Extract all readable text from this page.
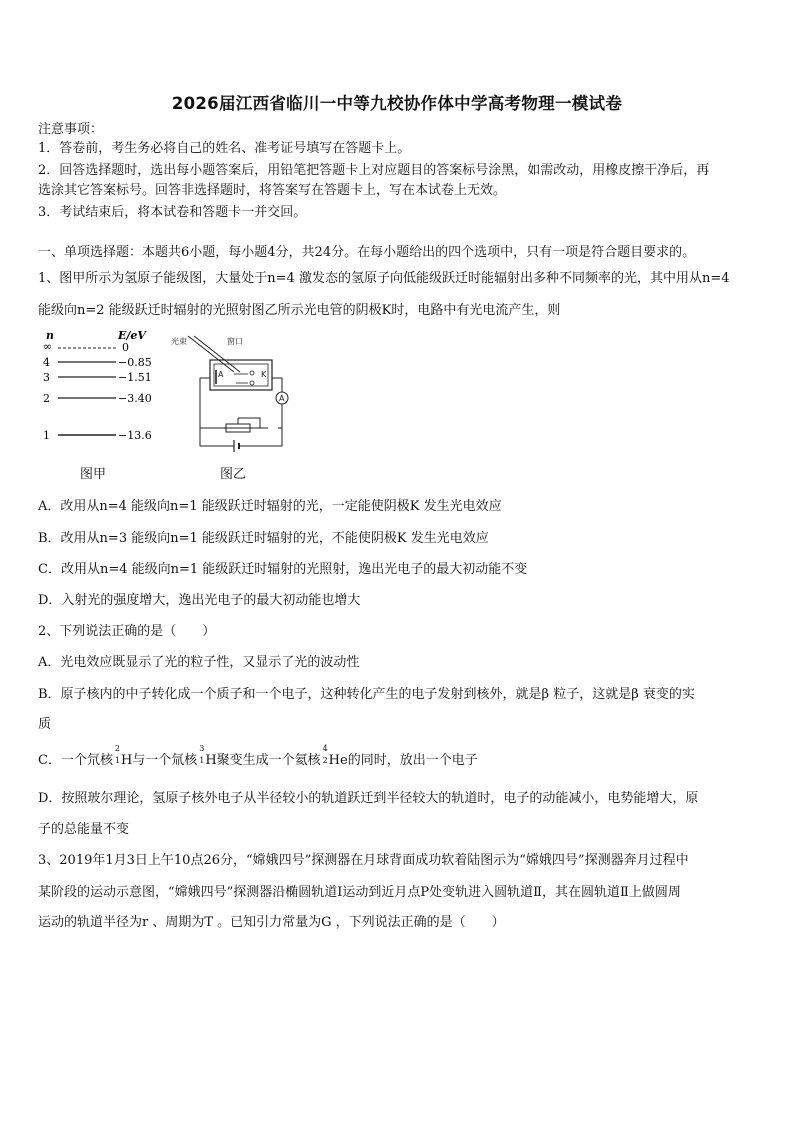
2026届江西省临川一中等九校协作体中学高考物理一模试卷
注意事项：
1．答卷前，考生务必将自己的姓名、准考证号填写在答题卡上。
2．回答选择题时，选出每小题答案后，用铅笔把答题卡上对应题目的答案标号涂黑，如需改动，用橡皮擦干净后，再
选涂其它答案标号。回答非选择题时，将答案写在答题卡上，写在本试卷上无效。
3．考试结束后，将本试卷和答题卡一并交回。
一、单项选择题：本题共6小题，每小题4分，共24分。在每小题给出的四个选项中，只有一项是符合题目要求的。
1、图甲所示为氢原子能级图，大量处于n=4 激发态的氢原子向低能级跃迁时能辐射出多种不同频率的光，其中用从n=4
能级向n=2 能级跃迁时辐射的光照射图乙所示光电管的阴极K时，电路中有光电流产生，则
n	E/eV
∞	0
4	−0.85
3	−1.51
2	−3.40
1	−13.6
光束	窗口
A	K
A
图甲	图乙
A．改用从n=4 能级向n=1 能级跃迁时辐射的光，一定能使阴极K 发生光电效应
B．改用从n=3 能级向n=1 能级跃迁时辐射的光，不能使阴极K 发生光电效应
C．改用从n=4 能级向n=1 能级跃迁时辐射的光照射，逸出光电子的最大初动能不变
D．入射光的强度增大，逸出光电子的最大初动能也增大
2、下列说法正确的是（　　）
A．光电效应既显示了光的粒子性，又显示了光的波动性
B．原子核内的中子转化成一个质子和一个电子，这种转化产生的电子发射到核外，就是β 粒子，这就是β 衰变的实
质
C．一个氘核
2
1 H与一个氚核
3
1 H聚变生成一个氦核
4
2 He的同时，放出一个电子
D．按照玻尔理论，氢原子核外电子从半径较小的轨道跃迁到半径较大的轨道时，电子的动能减小，电势能增大，原
子的总能量不变
3、2019年1月3日上午10点26分，“嫦娥四号”探测器在月球背面成功软着陆图示为“嫦娥四号”探测器奔月过程中
某阶段的运动示意图，“嫦娥四号”探测器沿椭圆轨道Ⅰ运动到近月点P处变轨进入圆轨道Ⅱ，其在圆轨道Ⅱ上做圆周
运动的轨道半径为r 、周期为T 。已知引力常量为G ，下列说法正确的是（　　）
